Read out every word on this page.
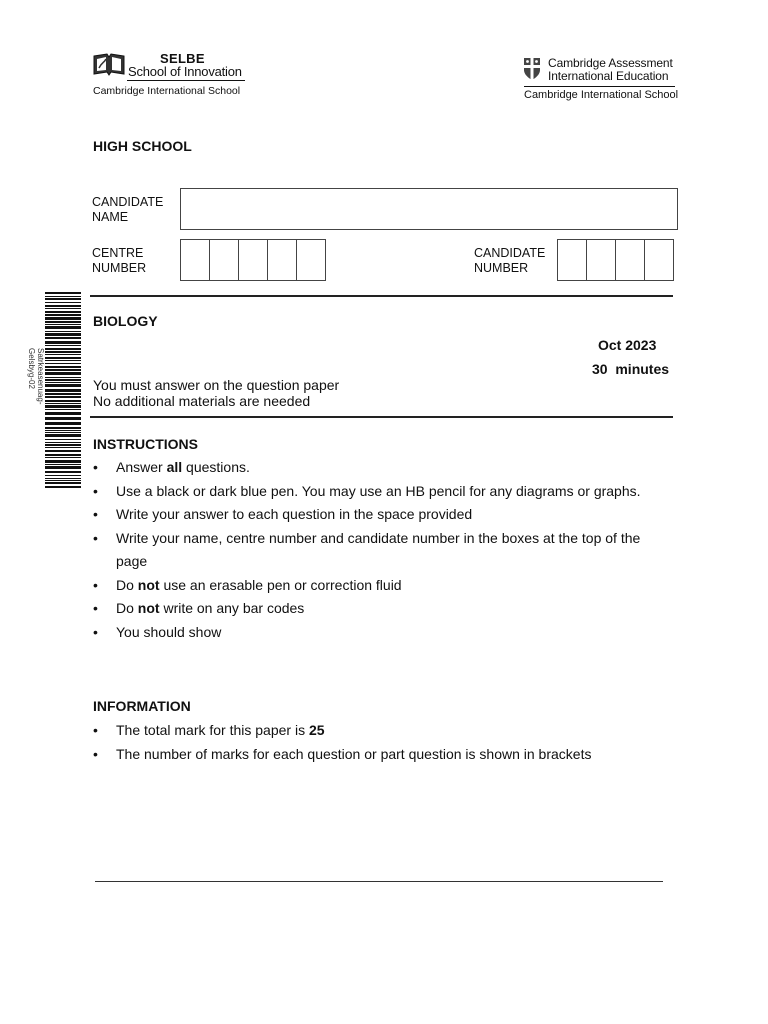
SELBE
School of Innovation
Cambridge International School
Cambridge Assessment
International Education
Cambridge International School
HIGH SCHOOL
CANDIDATE
NAME
CENTRE
NUMBER
CANDIDATE
NUMBER
Satrkeasenuag-Gelsbyg-02
BIOLOGY
Oct 2023
30  minutes
You must answer on the question paper
No additional materials are needed
INSTRUCTIONS
• Answer all questions.
• Use a black or dark blue pen. You may use an HB pencil for any diagrams or graphs.
• Write your answer to each question in the space provided
• Write your name, centre number and candidate number in the boxes at the top of the page
• Do not use an erasable pen or correction fluid
• Do not write on any bar codes
• You should show
INFORMATION
• The total mark for this paper is 25
• The number of marks for each question or part question is shown in brackets
